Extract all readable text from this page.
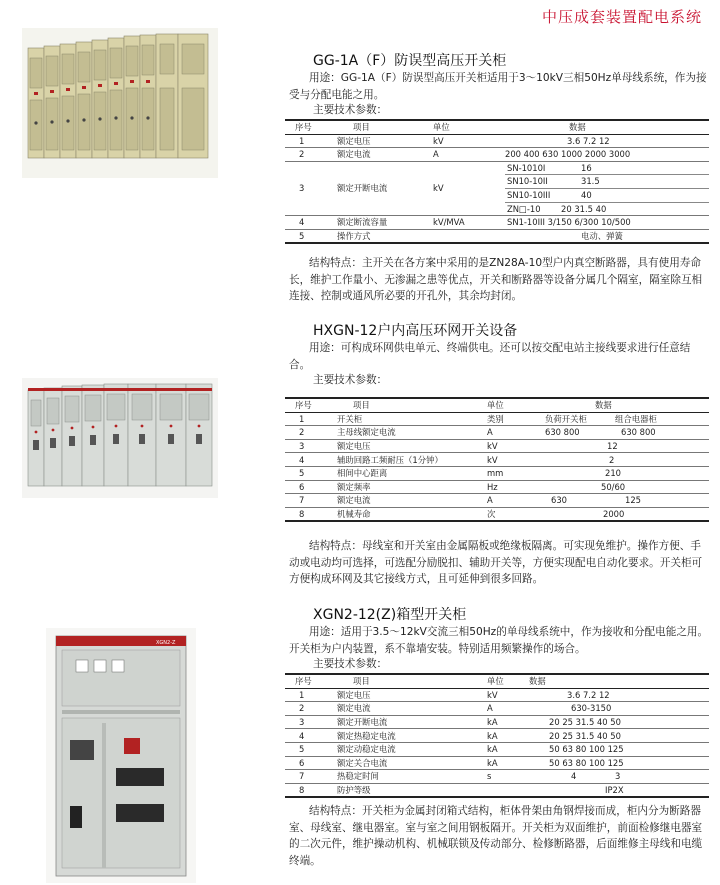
XGN2-Z
中压成套装置配电系统
GG-1A（F）防误型高压开关柜
用途：GG-1A（F）防误型高压开关柜适用于3～10kV三相50Hz单母线系统，作为接受与分配电能之用。
主要技术参数：
序号	项目	单位	数据
1	额定电压	kV	3.6 7.2 12
2	额定电流	A	200 400 630 1000 2000 3000
3	额定开断电流	kV	SN-1010I 16
SN10-10II 31.5
SN10-10III 40
ZN□-10 20 31.5 40

4	额定断流容量	kV/MVA	SN1-10III 3/150 6/300 10/500
5	操作方式		电动、弹簧
结构特点：主开关在各方案中采用的是ZN28A-10型户内真空断路器，具有使用寿命长，维护工作量小、无渗漏之患等优点，开关和断路器等设备分属几个隔室，隔室除互相连接、控制或通风所必要的开孔外，其余均封闭。
HXGN-12户内高压环网开关设备
用途：可构成环网供电单元、终端供电。还可以按交配电站主接线要求进行任意结合。
主要技术参数：
序号	项目	单位	数据	
1	开关柜	类别	负荷开关柜	组合电器柜
2	主母线额定电流	A	630 800	630 800
3	额定电压	kV	12	
4	辅助回路工频耐压（1分钟）	kV	2	
5	相间中心距离	mm	210	
6	额定频率	Hz	50/60	
7	额定电流	A	630	125
8	机械寿命	次	2000	
结构特点：母线室和开关室由金属隔板或绝缘板隔离。可实现免维护。操作方便、手动或电动均可选择，可选配分励脱扣、辅助开关等，方便实现配电自动化要求。开关柜可方便构成环网及其它接线方式，且可延伸到很多回路。
XGN2-12(Z)箱型开关柜
用途：适用于3.5～12kV交流三相50Hz的单母线系统中，作为接收和分配电能之用。开关柜为户内装置，系不靠墙安装。特别适用频繁操作的场合。
主要技术参数：
序号	项目	单位	数据	
1	额定电压	kV	3.6 7.2 12	
2	额定电流	A	630-3150	
3	额定开断电流	kA	20 25 31.5 40 50	
4	额定热稳定电流	kA	20 25 31.5 40 50	
5	额定动稳定电流	kA	50 63 80 100 125	
6	额定关合电流	kA	50 63 80 100 125	
7	热稳定时间	s	4	3
8	防护等级		IP2X	
结构特点：开关柜为金属封闭箱式结构，柜体骨架由角钢焊接而成，柜内分为断路器室、母线室、继电器室。室与室之间用钢板隔开。开关柜为双面维护，前面检修继电器室的二次元件，维护操动机构、机械联锁及传动部分、检修断路器，后面维修主母线和电缆终端。
